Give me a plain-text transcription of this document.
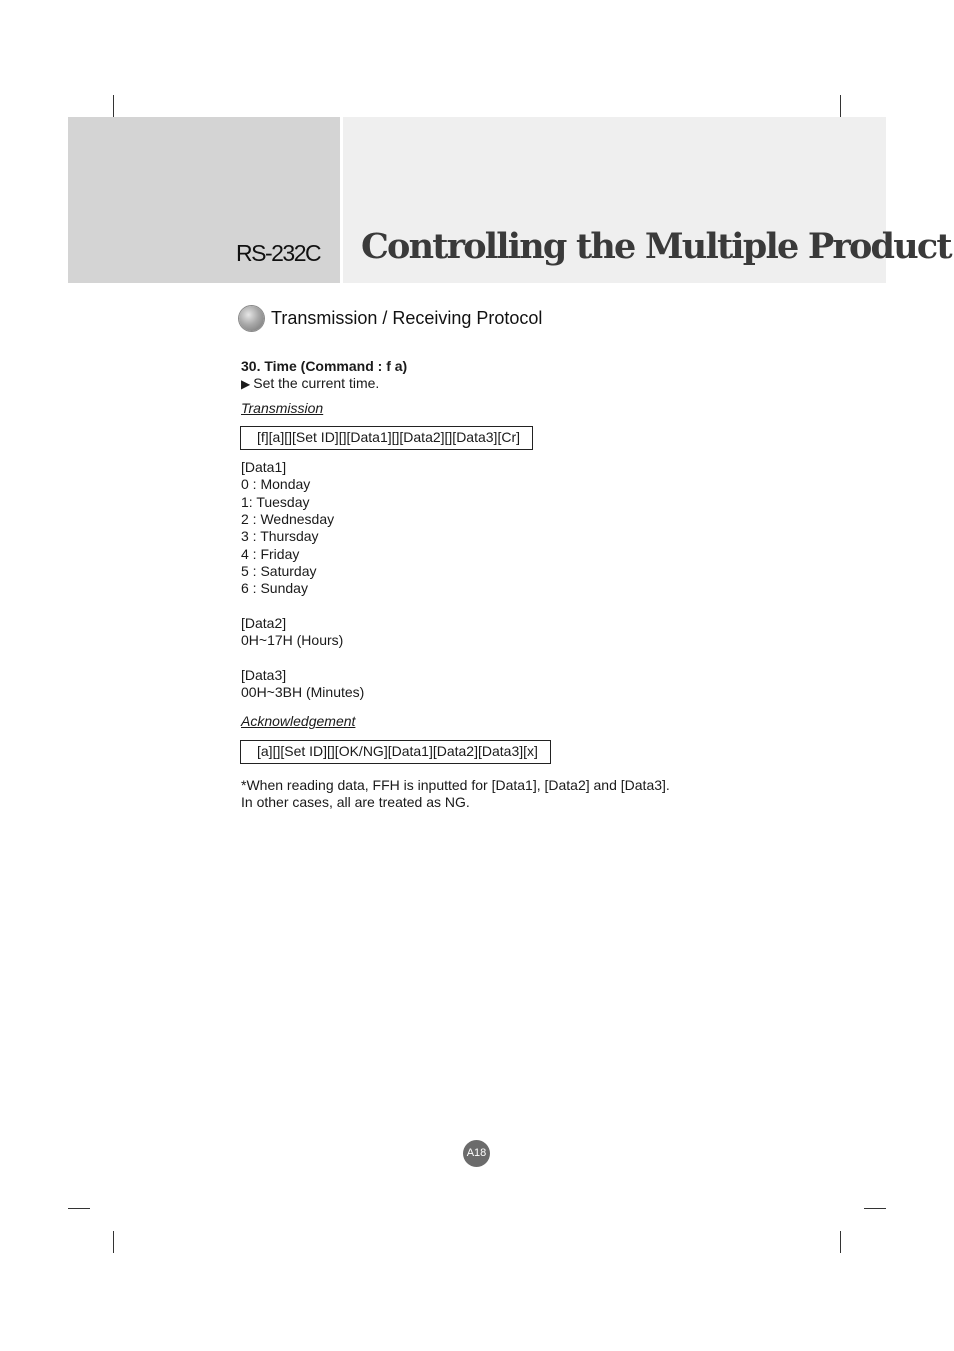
RS-232C Controlling the Multiple Product
Transmission / Receiving Protocol
30. Time (Command : f a)
▶ Set the current time.
Transmission
[f][a][][Set ID][][Data1][][Data2][][Data3][Cr]
[Data1]
0 : Monday
1: Tuesday
2 : Wednesday
3 : Thursday
4 : Friday
5 : Saturday
6 : Sunday
[Data2]
0H~17H (Hours)
[Data3]
00H~3BH (Minutes)
Acknowledgement
[a][][Set ID][][OK/NG][Data1][Data2][Data3][x]
*When reading data, FFH is inputted for [Data1], [Data2] and [Data3].
In other cases, all are treated as NG.
A18
